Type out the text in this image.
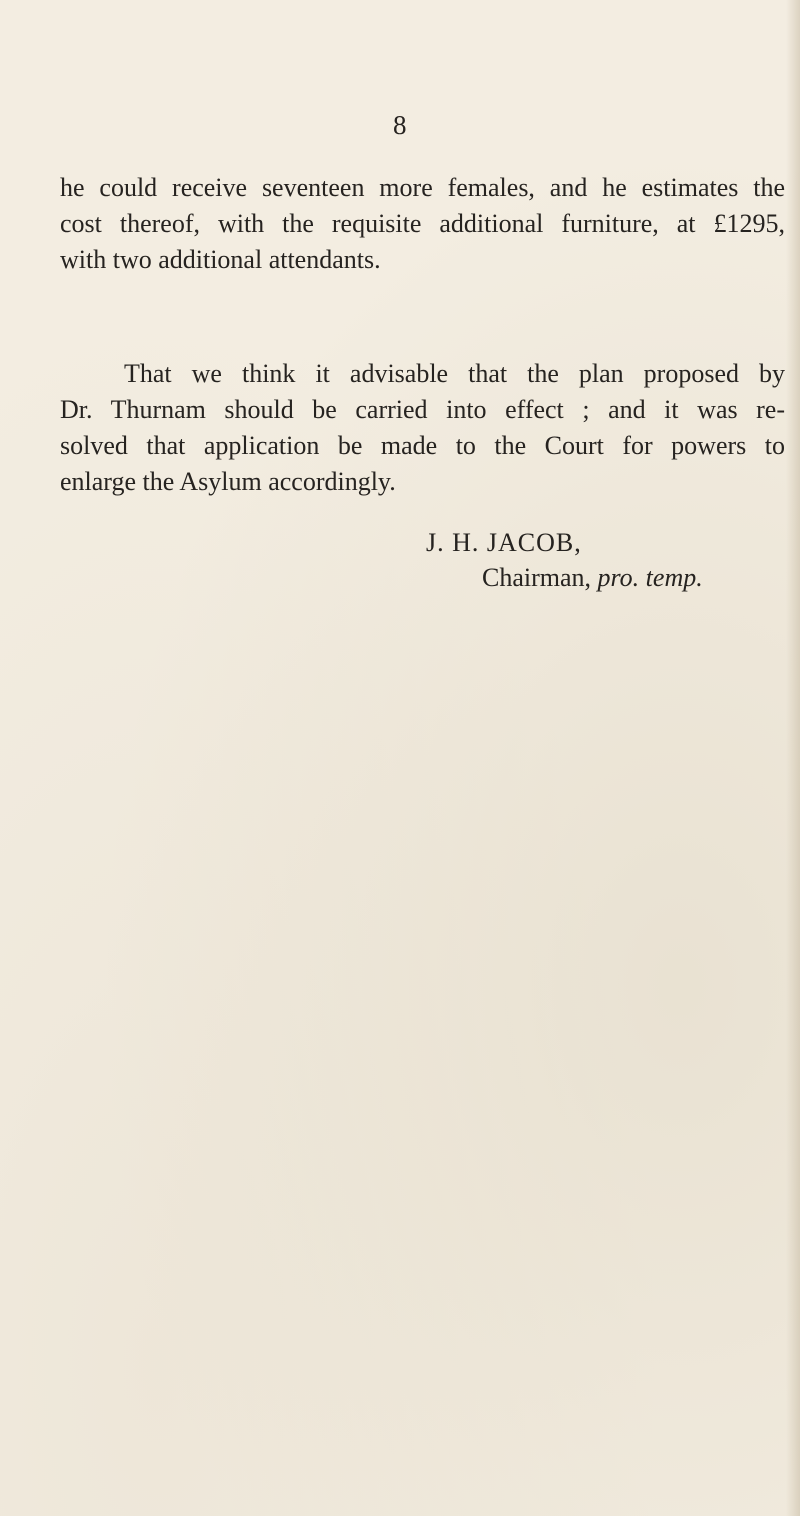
8
he could receive seventeen more females, and he estimates the
cost thereof, with the requisite additional furniture, at £1295,
with two additional attendants.
That we think it advisable that the plan proposed by
Dr. Thurnam should be carried into effect ; and it was re-
solved that application be made to the Court for powers to
enlarge the Asylum accordingly.
J. H. JACOB,
Chairman, pro. temp.
